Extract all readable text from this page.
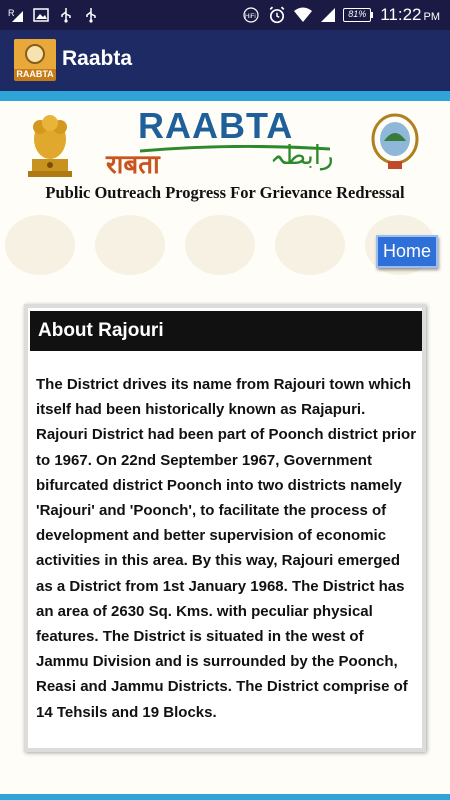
R	HiFi	81% 11:22 PM
RAABTA
Raabta
RAABTA
राबता	رابطہ
Public Outreach Progress For Grievance Redressal
Home
About Rajouri
The District drives its name from Rajouri town which itself had been historically known as Rajapuri. Rajouri District had been part of Poonch district prior to 1967. On 22nd September 1967, Government bifurcated district Poonch into two districts namely 'Rajouri' and 'Poonch', to facilitate the process of development and better supervision of economic activities in this area. By this way, Rajouri emerged as a District from 1st January 1968. The District has an area of 2630 Sq. Kms. with peculiar physical features. The District is situated in the west of Jammu Division and is surrounded by the Poonch, Reasi and Jammu Districts. The District comprise of 14 Tehsils and 19 Blocks.
